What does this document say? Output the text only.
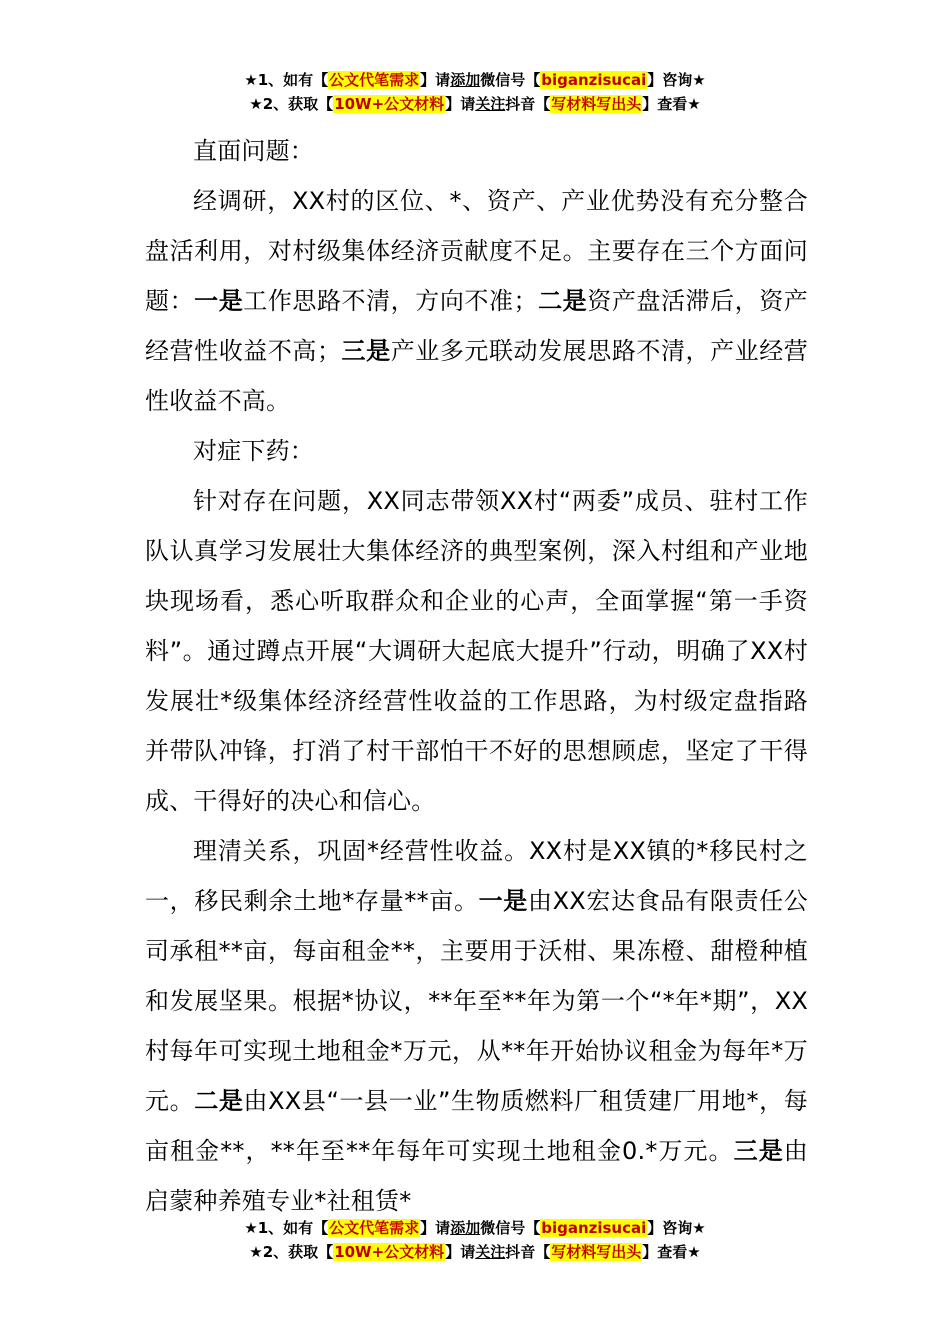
★1、如有【公文代笔需求】请添加微信号【biganzisucai】咨询★
★2、获取【10W+公文材料】请关注抖音【写材料写出头】查看★

直面问题：

经调研，XX村的区位、*、资产、产业优势没有充分整合盘活利用，对村级集体经济贡献度不足。主要存在三个方面问题：一是工作思路不清，方向不准；二是资产盘活滞后，资产经营性收益不高；三是产业多元联动发展思路不清，产业经营性收益不高。

对症下药：

针对存在问题，XX同志带领XX村“两委”成员、驻村工作队认真学习发展壮大集体经济的典型案例，深入村组和产业地块现场看，悉心听取群众和企业的心声，全面掌握“第一手资料”。通过蹲点开展“大调研大起底大提升”行动，明确了XX村发展壮*级集体经济经营性收益的工作思路，为村级定盘指路并带队冲锋，打消了村干部怕干不好的思想顾虑，坚定了干得成、干得好的决心和信心。

理清关系，巩固*经营性收益。XX村是XX镇的*移民村之一，移民剩余土地*存量**亩。一是由XX宏达食品有限责任公司承租**亩，每亩租金**，主要用于沃柑、果冻橙、甜橙种植和发展坚果。根据*协议，**年至**年为第一个“*年*期”，XX村每年可实现土地租金*万元，从**年开始协议租金为每年*万元。二是由XX县“一县一业”生物质燃料厂租赁建厂用地*，每亩租金**，**年至**年每年可实现土地租金0.*万元。三是由启蒙种养殖专业*社租赁*

★1、如有【公文代笔需求】请添加微信号【biganzisucai】咨询★
★2、获取【10W+公文材料】请关注抖音【写材料写出头】查看★
